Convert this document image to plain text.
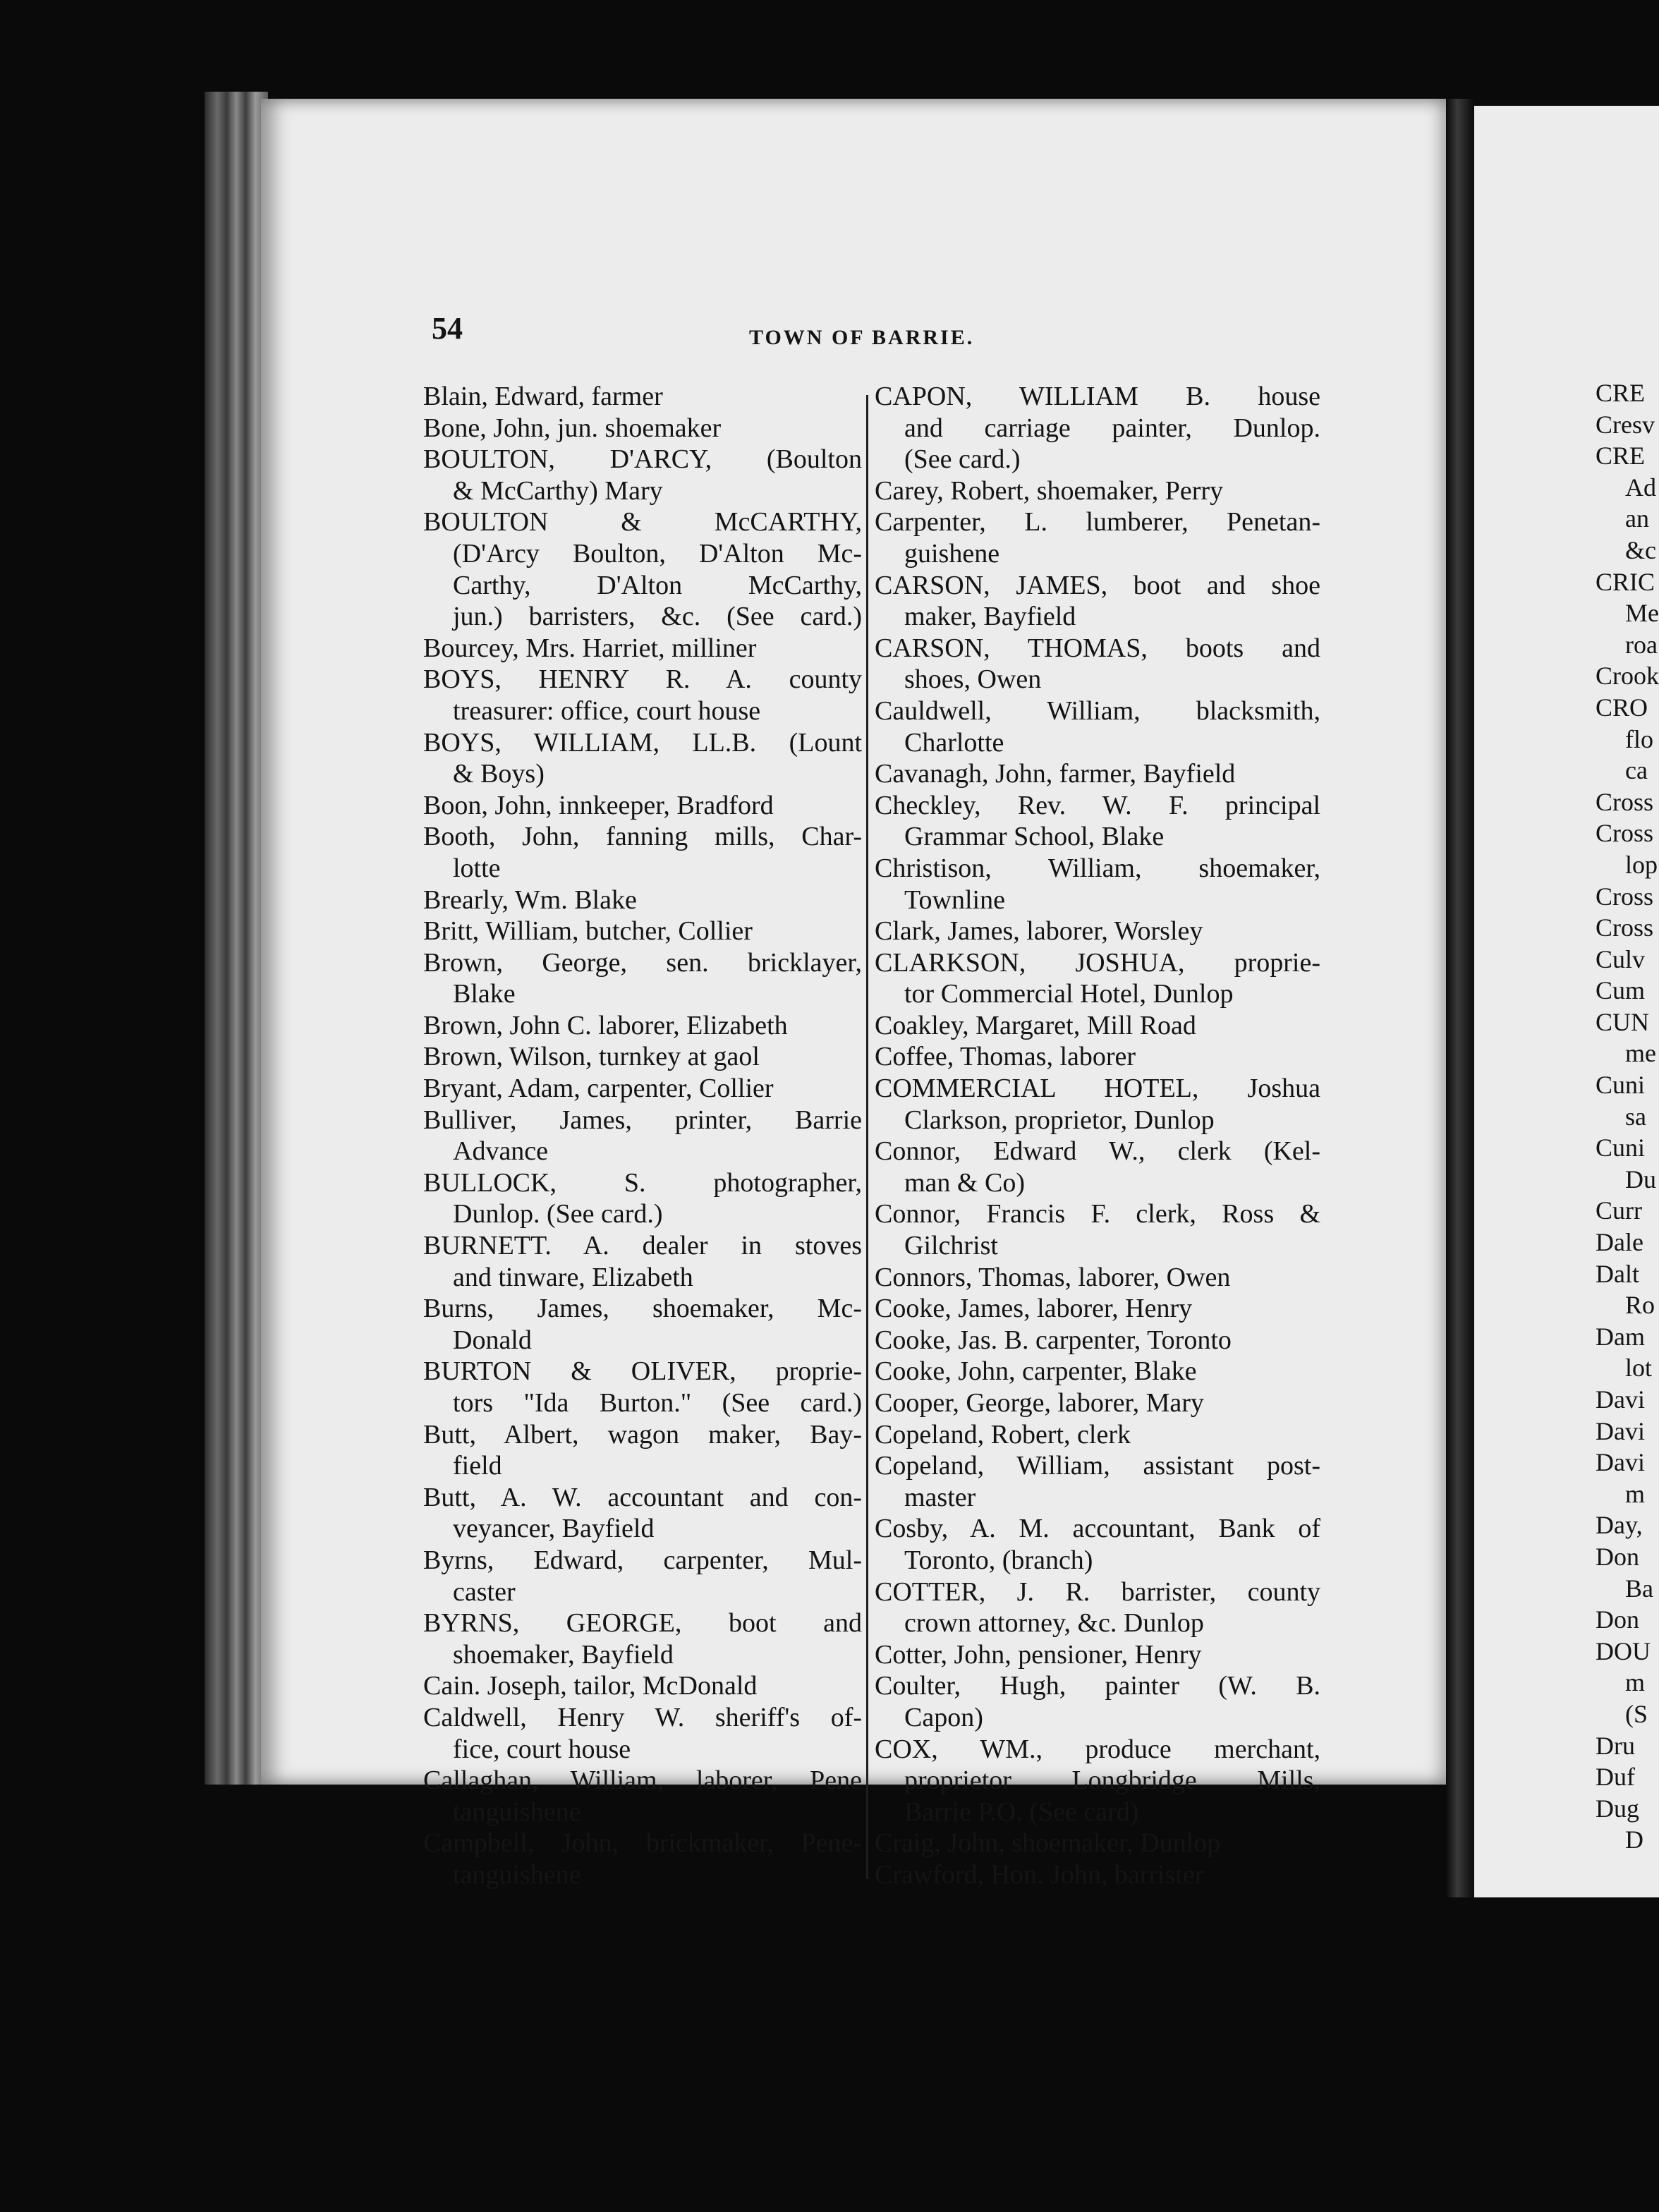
54	TOWN OF BARRIE.
Blain, Edward, farmer
Bone, John, jun. shoemaker
BOULTON, D'ARCY, (Boulton
& McCarthy) Mary
BOULTON & McCARTHY,
(D'Arcy Boulton, D'Alton Mc-
Carthy, D'Alton McCarthy,
jun.) barristers, &c. (See card.)
Bourcey, Mrs. Harriet, milliner
BOYS, HENRY R. A. county
treasurer: office, court house
BOYS, WILLIAM, LL.B. (Lount
& Boys)
Boon, John, innkeeper, Bradford
Booth, John, fanning mills, Char-
lotte
Brearly, Wm. Blake
Britt, William, butcher, Collier
Brown, George, sen. bricklayer,
Blake
Brown, John C. laborer, Elizabeth
Brown, Wilson, turnkey at gaol
Bryant, Adam, carpenter, Collier
Bulliver, James, printer, Barrie
Advance
BULLOCK, S. photographer,
Dunlop. (See card.)
BURNETT. A. dealer in stoves
and tinware, Elizabeth
Burns, James, shoemaker, Mc-
Donald
BURTON & OLIVER, proprie-
tors "Ida Burton." (See card.)
Butt, Albert, wagon maker, Bay-
field
Butt, A. W. accountant and con-
veyancer, Bayfield
Byrns, Edward, carpenter, Mul-
caster
BYRNS, GEORGE, boot and
shoemaker, Bayfield
Cain. Joseph, tailor, McDonald
Caldwell, Henry W. sheriff's of-
fice, court house
Callaghan, William, laborer, Pene
tanguishene
Campbell, John, brickmaker, Pene-
tanguishene
CAPON, WILLIAM B. house
and carriage painter, Dunlop.
(See card.)
Carey, Robert, shoemaker, Perry
Carpenter, L. lumberer, Penetan-
guishene
CARSON, JAMES, boot and shoe
maker, Bayfield
CARSON, THOMAS, boots and
shoes, Owen
Cauldwell, William, blacksmith,
Charlotte
Cavanagh, John, farmer, Bayfield
Checkley, Rev. W. F. principal
Grammar School, Blake
Christison, William, shoemaker,
Townline
Clark, James, laborer, Worsley
CLARKSON, JOSHUA, proprie-
tor Commercial Hotel, Dunlop
Coakley, Margaret, Mill Road
Coffee, Thomas, laborer
COMMERCIAL HOTEL, Joshua
Clarkson, proprietor, Dunlop
Connor, Edward W., clerk (Kel-
man & Co)
Connor, Francis F. clerk, Ross &
Gilchrist
Connors, Thomas, laborer, Owen
Cooke, James, laborer, Henry
Cooke, Jas. B. carpenter, Toronto
Cooke, John, carpenter, Blake
Cooper, George, laborer, Mary
Copeland, Robert, clerk
Copeland, William, assistant post-
master
Cosby, A. M. accountant, Bank of
Toronto, (branch)
COTTER, J. R. barrister, county
crown attorney, &c. Dunlop
Cotter, John, pensioner, Henry
Coulter, Hugh, painter (W. B.
Capon)
COX, WM., produce merchant,
proprietor Longbridge Mills,
Barrie P.O. (See card)
Craig, John, shoemaker, Dunlop
Crawford, Hon. John, barrister
CRE
Cresv
CRE
Ad
an
&c
CRIC
Me
roa
Crook
CRO
flo
ca
Cross
Cross
lop
Cross
Cross
Culv
Cum
CUN
me
Cuni
sa
Cuni
Du
Curr
Dale
Dalt
Ro
Dam
lot
Davi
Davi
Davi
m
Day,
Don
Ba
Don
DOU
m
(S
Dru
Duf
Dug
D
